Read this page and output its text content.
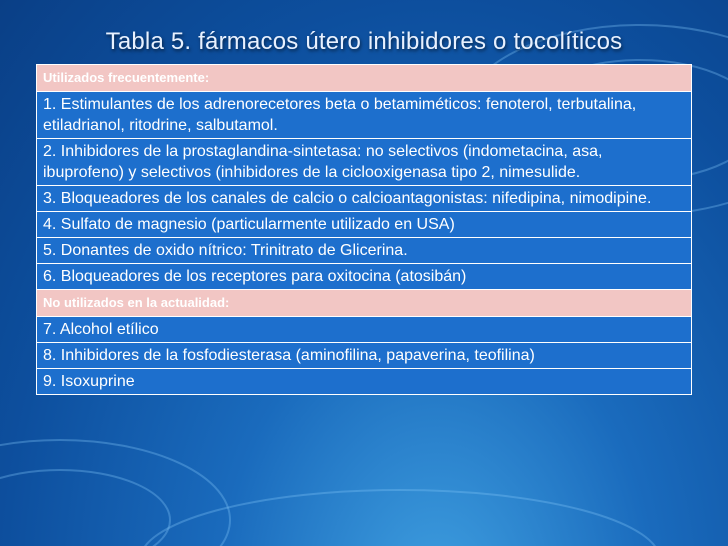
Tabla 5. fármacos útero inhibidores o tocolíticos
Utilizados frecuentemente:
1. Estimulantes de los adrenorecetores beta o betamiméticos: fenoterol, terbutalina, etiladrianol, ritodrine, salbutamol.
2. Inhibidores de la prostaglandina-sintetasa: no selectivos (indometacina, asa, ibuprofeno) y selectivos (inhibidores de la ciclooxigenasa tipo 2, nimesulide.
3. Bloqueadores de los canales de calcio o calcioantagonistas: nifedipina, nimodipine.
4. Sulfato de magnesio (particularmente utilizado en USA)
5. Donantes de oxido nítrico: Trinitrato de Glicerina.
6. Bloqueadores de los receptores para oxitocina (atosibán)
No utilizados en la actualidad:
7. Alcohol etílico
8. Inhibidores de la fosfodiesterasa (aminofilina, papaverina, teofilina)
9. Isoxuprine
